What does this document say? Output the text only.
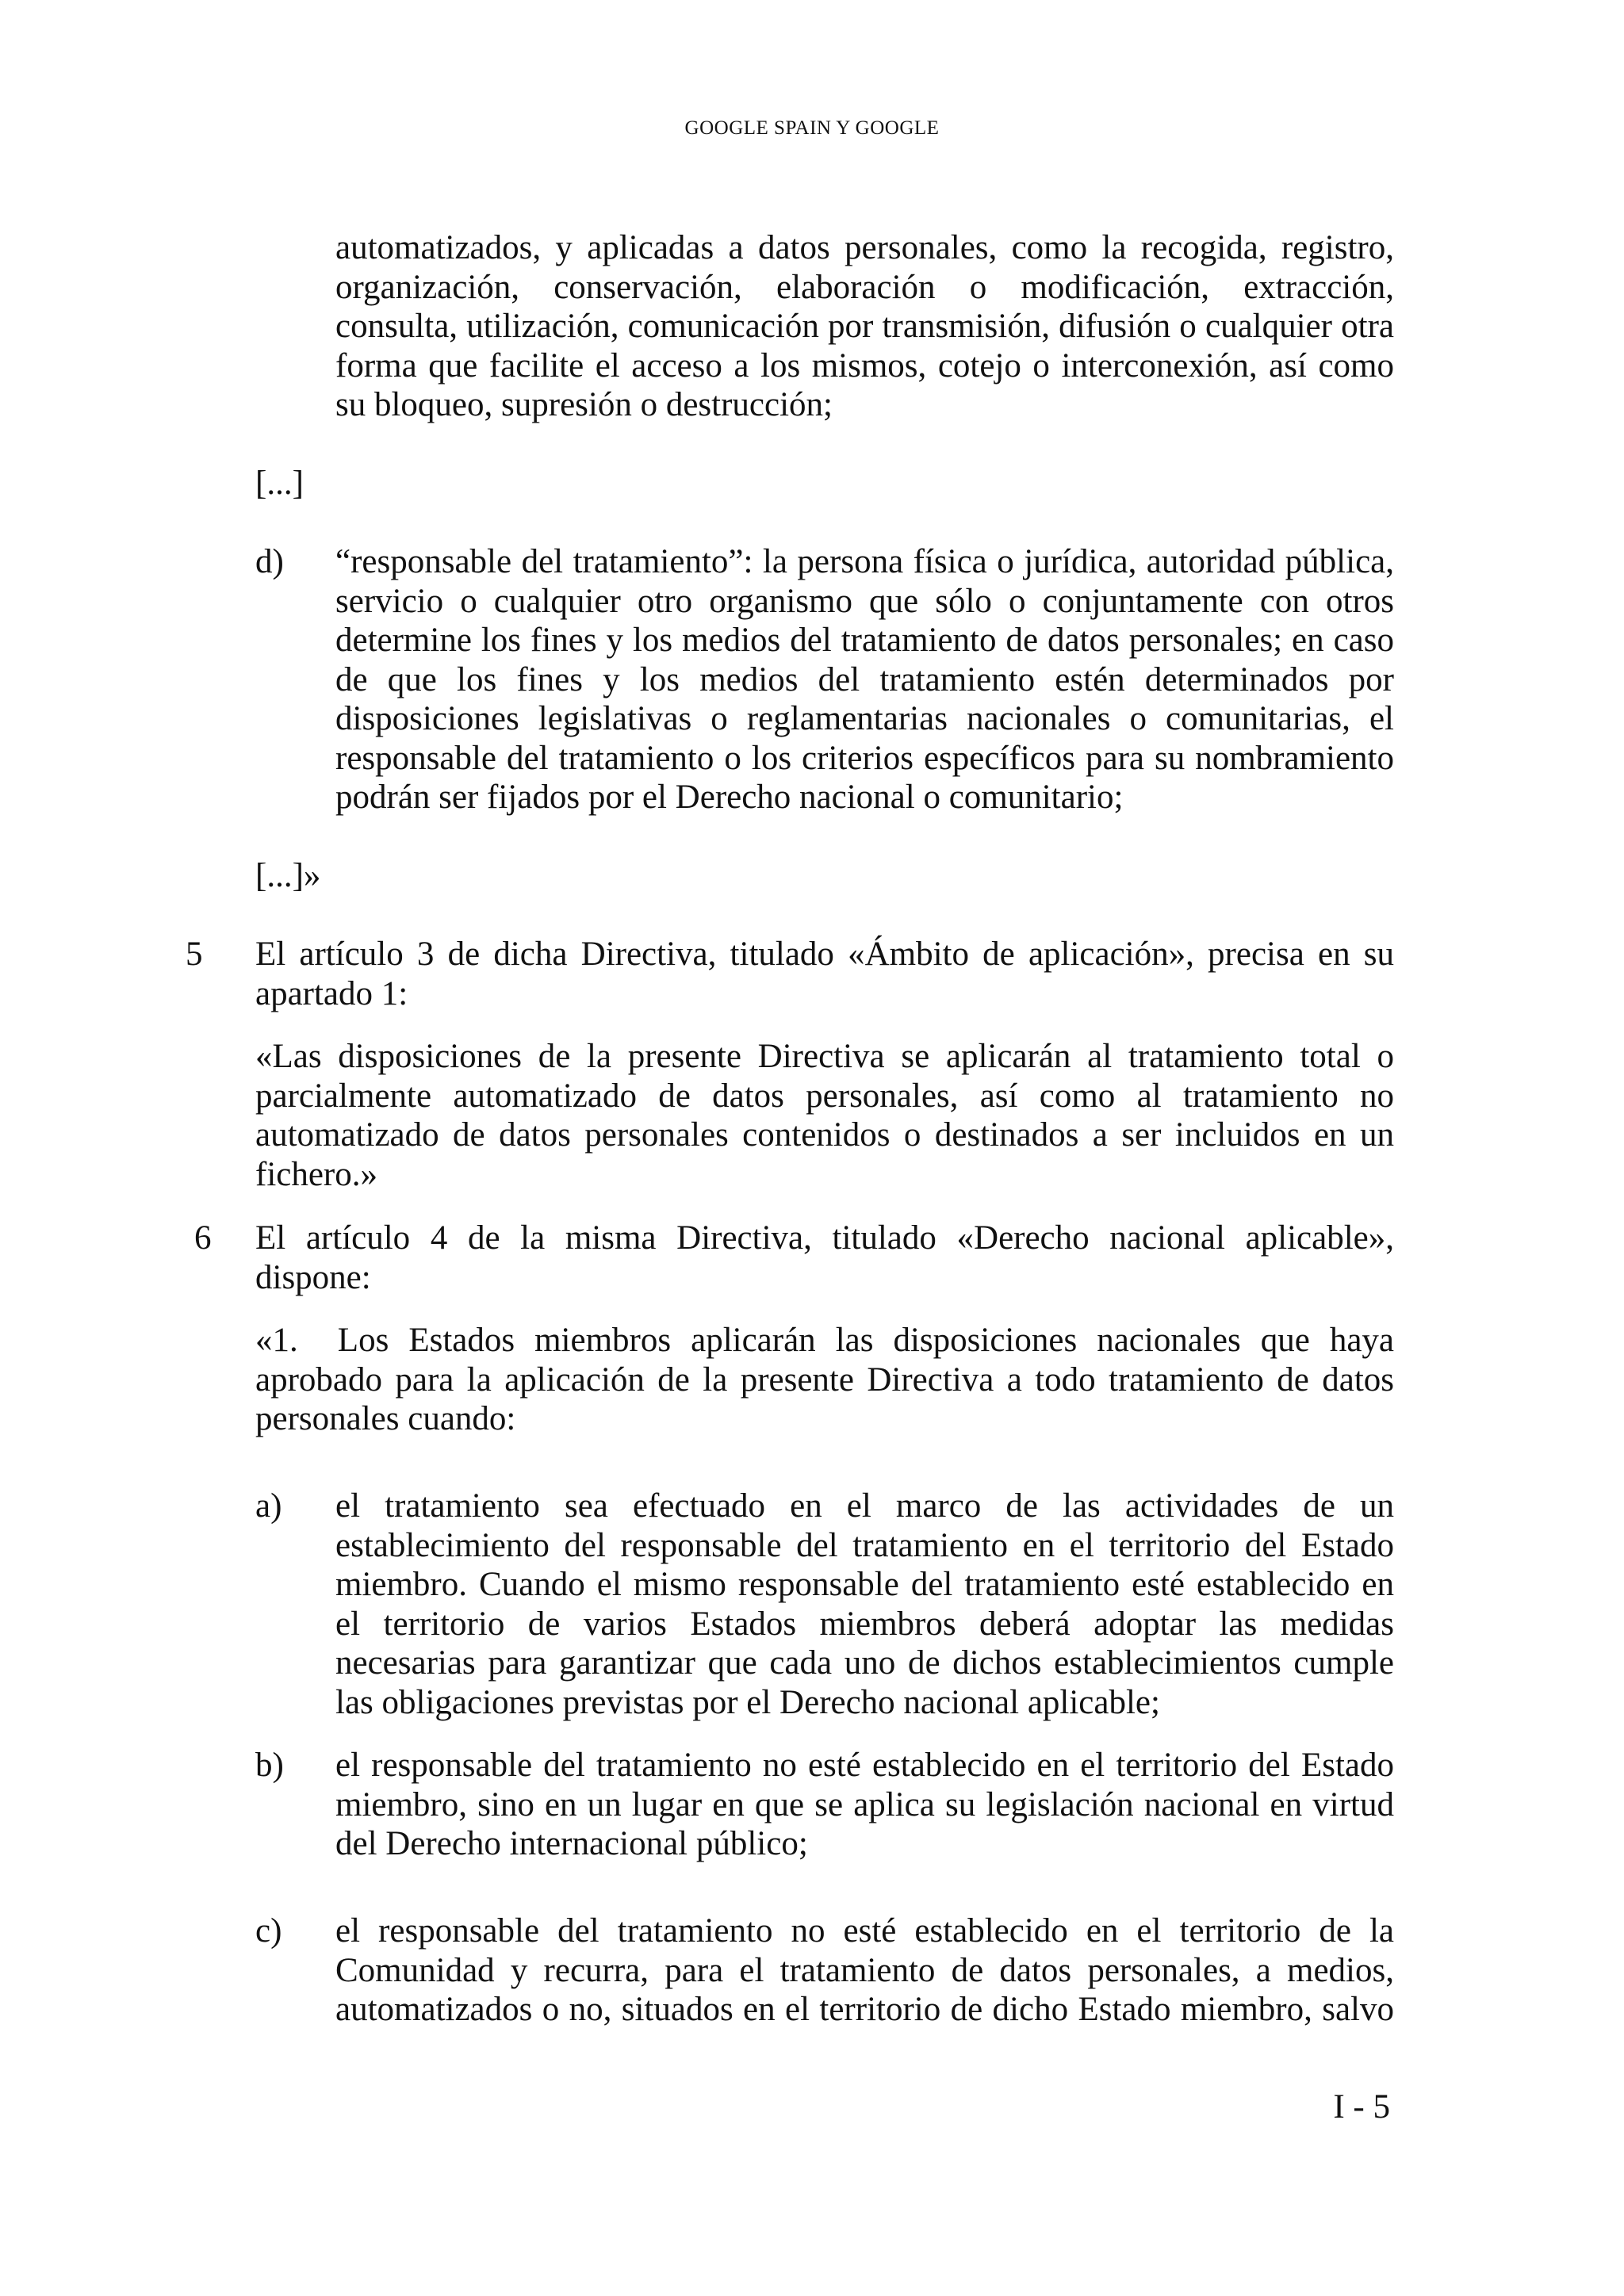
GOOGLE SPAIN Y GOOGLE

automatizados, y aplicadas a datos personales, como la recogida, registro, organización, conservación, elaboración o modificación, extracción, consulta, utilización, comunicación por transmisión, difusión o cualquier otra forma que facilite el acceso a los mismos, cotejo o interconexión, así como su bloqueo, supresión o destrucción;

[...]

d) “responsable del tratamiento”: la persona física o jurídica, autoridad pública, servicio o cualquier otro organismo que sólo o conjuntamente con otros determine los fines y los medios del tratamiento de datos personales; en caso de que los fines y los medios del tratamiento estén determinados por disposiciones legislativas o reglamentarias nacionales o comunitarias, el responsable del tratamiento o los criterios específicos para su nombramiento podrán ser fijados por el Derecho nacional o comunitario;

[...]»

5 El artículo 3 de dicha Directiva, titulado «Ámbito de aplicación», precisa en su apartado 1:

«Las disposiciones de la presente Directiva se aplicarán al tratamiento total o parcialmente automatizado de datos personales, así como al tratamiento no automatizado de datos personales contenidos o destinados a ser incluidos en un fichero.»

6 El artículo 4 de la misma Directiva, titulado «Derecho nacional aplicable», dispone:

«1.  Los Estados miembros aplicarán las disposiciones nacionales que haya aprobado para la aplicación de la presente Directiva a todo tratamiento de datos personales cuando:

a) el tratamiento sea efectuado en el marco de las actividades de un establecimiento del responsable del tratamiento en el territorio del Estado miembro. Cuando el mismo responsable del tratamiento esté establecido en el territorio de varios Estados miembros deberá adoptar las medidas necesarias para garantizar que cada uno de dichos establecimientos cumple las obligaciones previstas por el Derecho nacional aplicable;

b) el responsable del tratamiento no esté establecido en el territorio del Estado miembro, sino en un lugar en que se aplica su legislación nacional en virtud del Derecho internacional público;

c) el responsable del tratamiento no esté establecido en el territorio de la Comunidad y recurra, para el tratamiento de datos personales, a medios, automatizados o no, situados en el territorio de dicho Estado miembro, salvo

I - 5
